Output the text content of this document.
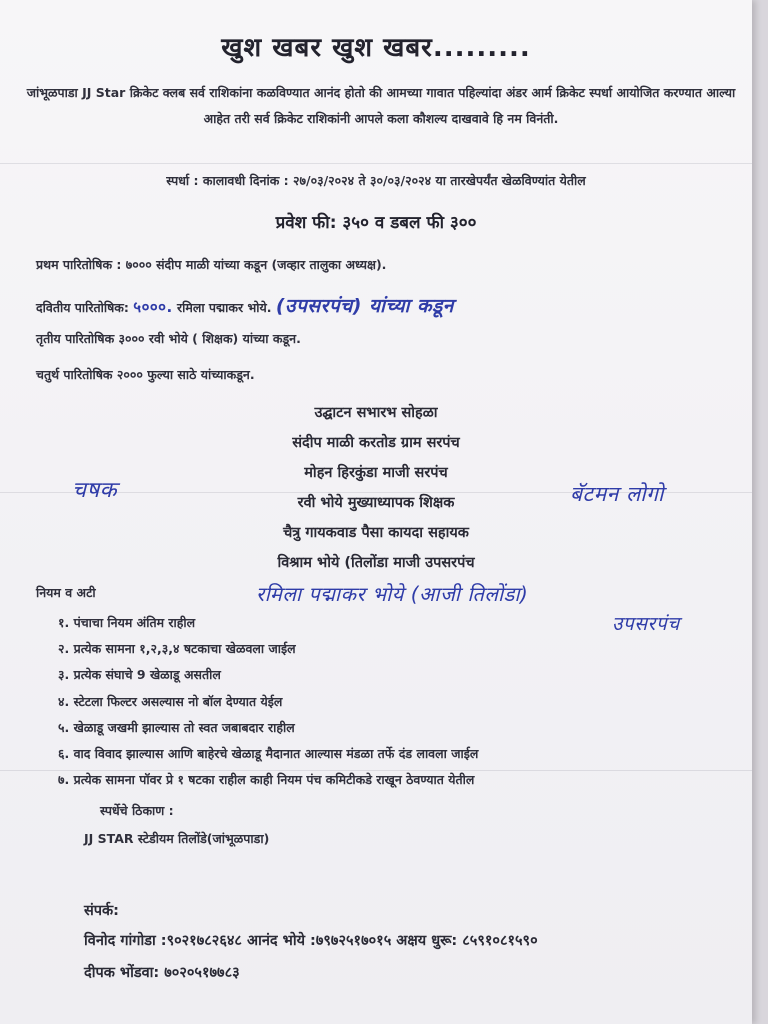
खुश खबर खुश खबर.........
जांभूळपाडा JJ Star क्रिकेट क्लब सर्व राशिकांना कळविण्यात आनंद होतो की आमच्या गावात पहिल्यांदा अंडर आर्म क्रिकेट स्पर्धा आयोजित करण्यात आल्या आहेत तरी सर्व क्रिकेट राशिकांनी आपले कला कौशल्य दाखवावे हि नम विनंती.
स्पर्धा : कालावधी दिनांक : २७/०३/२०२४ ते ३०/०३/२०२४ या तारखेपर्यंत खेळविण्यांत येतील
प्रवेश फी: ३५० व डबल फी ३००
प्रथम पारितोषिक : ७००० संदीप माळी यांच्या कडून (जव्हार तालुका अध्यक्ष).
दवितीय पारितोषिक: ५०००. रमिला पद्माकर भोये. (उपसरपंच) यांच्या कडून
तृतीय पारितोषिक ३००० रवी भोये ( शिक्षक) यांच्या कडून.
चतुर्थ पारितोषिक २००० फुल्या साठे यांच्याकडून.
उद्घाटन सभारभ सोहळा
संदीप माळी करतोड ग्राम सरपंच
मोहन हिरकुंडा माजी सरपंच
रवी भोये मुख्याध्यापक शिक्षक
चैत्रु गायकवाड पैसा कायदा सहायक
विश्राम भोये (तिलोंडा माजी उपसरपंच
चषक	बॅटमन लोगो
रमिला पद्माकर भोये (आजी तिलोंडा)
उपसरपंच
नियम व अटी
१. पंचाचा नियम अंतिम राहील
२. प्रत्येक सामना १,२,३,४ षटकाचा खेळवला जाईल
३. प्रत्येक संघाचे 9 खेळाडू असतील
४. स्टेटला फिल्टर असल्यास नो बॉल देण्यात येईल
५. खेळाडू जखमी झाल्यास तो स्वत जबाबदार राहील
६. वाद विवाद झाल्यास आणि बाहेरचे खेळाडू मैदानात आल्यास मंडळा तर्फे दंड लावला जाईल
७. प्रत्येक सामना पॉवर प्रे १ षटका राहील काही नियम पंच कमिटीकडे राखून ठेवण्यात येतील
स्पर्धेचे ठिकाण :
JJ STAR स्टेडीयम तिलोंडे(जांभूळपाडा)
संपर्क:
विनोद गांगोडा :९०२१७८२६४८ आनंद भोये :७९७२५१७०१५ अक्षय धुरू: ८५९१०८१५९०
दीपक भोंडवा: ७०२०५१७७८३
